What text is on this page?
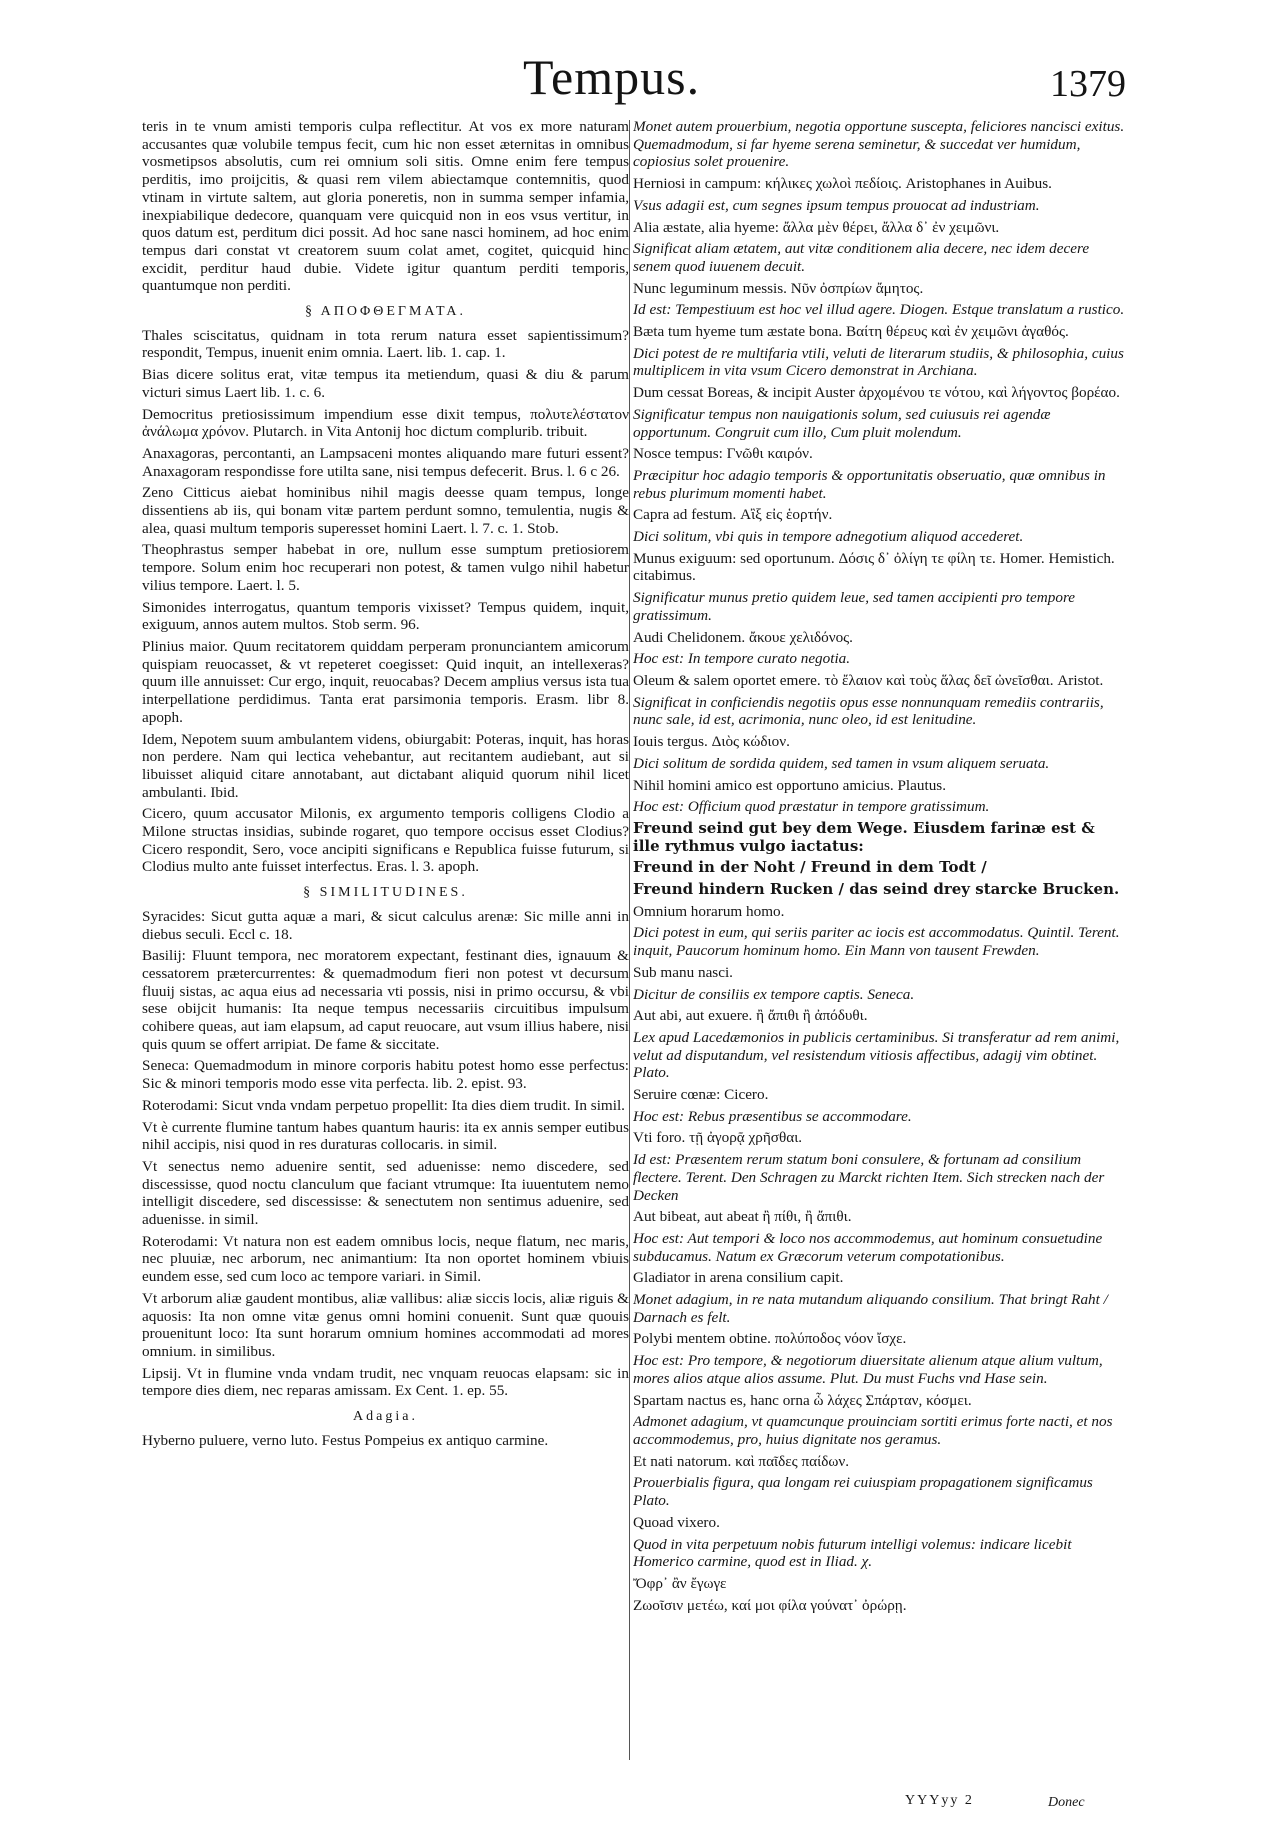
Tempus.	1379

teris in te vnum amisti temporis culpa reflectitur. At vos ex more naturam accusantes quæ volubile tempus fecit, cum hic non esset æternitas in omnibus vosmetipsos absolutis, cum rei omnium soli sitis. Omne enim fere tempus perditis, imo proijcitis, & quasi rem vilem abiectamque contemnitis, quod vtinam in virtute saltem, aut gloria poneretis, non in summa semper infamia, inexpiabilique dedecore, quanquam vere quicquid non in eos vsus vertitur, in quos datum est, perditum dici possit. Ad hoc sane nasci hominem, ad hoc enim tempus dari constat vt creatorem suum colat amet, cogitet, quicquid hinc excidit, perditur haud dubie. Videte igitur quantum perditi temporis, quantumque non perditi.

§ ΑΠΟΦΘΕΓΜΑΤΑ.

Thales sciscitatus, quidnam in tota rerum natura esset sapientissimum? respondit, Tempus, inuenit enim omnia. Laert. lib. 1. cap. 1.

Bias dicere solitus erat, vitæ tempus ita metiendum, quasi & diu & parum victuri simus Laert lib. 1. c. 6.

Democritus pretiosissimum impendium esse dixit tempus, πολυτελέστατον ἀνάλωμα χρόνον. Plutarch. in Vita Antonij hoc dictum complurib. tribuit.

Anaxagoras, percontanti, an Lampsaceni montes aliquando mare futuri essent? Anaxagoram respondisse fore utilta sane, nisi tempus defecerit. Brus. l. 6 c 26.

Zeno Citticus aiebat hominibus nihil magis deesse quam tempus, longe dissentiens ab iis, qui bonam vitæ partem perdunt somno, temulentia, nugis & alea, quasi multum temporis superesset homini Laert. l. 7. c. 1. Stob.

Theophrastus semper habebat in ore, nullum esse sumptum pretiosiorem tempore. Solum enim hoc recuperari non potest, & tamen vulgo nihil habetur vilius tempore. Laert. l. 5.

Simonides interrogatus, quantum temporis vixisset? Tempus quidem, inquit, exiguum, annos autem multos. Stob serm. 96.

Plinius maior. Quum recitatorem quiddam perperam pronunciantem amicorum quispiam reuocasset, & vt repeteret coegisset: Quid inquit, an intellexeras? quum ille annuisset: Cur ergo, inquit, reuocabas? Decem amplius versus ista tua interpellatione perdidimus. Tanta erat parsimonia temporis. Erasm. libr 8. apoph.

Idem, Nepotem suum ambulantem videns, obiurgabit: Poteras, inquit, has horas non perdere. Nam qui lectica vehebantur, aut recitantem audiebant, aut si libuisset aliquid citare annotabant, aut dictabant aliquid quorum nihil licet ambulanti. Ibid.

Cicero, quum accusator Milonis, ex argumento temporis colligens Clodio a Milone structas insidias, subinde rogaret, quo tempore occisus esset Clodius? Cicero respondit, Sero, voce ancipiti significans e Republica fuisse futurum, si Clodius multo ante fuisset interfectus. Eras. l. 3. apoph.

§ SIMILITUDINES.

Syracides: Sicut gutta aquæ a mari, & sicut calculus arenæ: Sic mille anni in diebus seculi. Eccl c. 18.

Basilij: Fluunt tempora, nec moratorem expectant, festinant dies, ignauum & cessatorem prætercurrentes: & quemadmodum fieri non potest vt decursum fluuij sistas, ac aqua eius ad necessaria vti possis, nisi in primo occursu, & vbi sese obijcit humanis: Ita neque tempus necessariis circuitibus impulsum cohibere queas, aut iam elapsum, ad caput reuocare, aut vsum illius habere, nisi quis quum se offert arripiat. De fame & siccitate.

Seneca: Quemadmodum in minore corporis habitu potest homo esse perfectus: Sic & minori temporis modo esse vita perfecta. lib. 2. epist. 93.

Roterodami: Sicut vnda vndam perpetuo propellit: Ita dies diem trudit. In simil.

Vt è currente flumine tantum habes quantum hauris: ita ex annis semper eutibus nihil accipis, nisi quod in res duraturas collocaris. in simil.

Vt senectus nemo aduenire sentit, sed aduenisse: nemo discedere, sed discessisse, quod noctu clanculum que faciant vtrumque: Ita iuuentutem nemo intelligit discedere, sed discessisse: & senectutem non sentimus aduenire, sed aduenisse. in simil.

Roterodami: Vt natura non est eadem omnibus locis, neque flatum, nec maris, nec pluuiæ, nec arborum, nec animantium: Ita non oportet hominem vbiuis eundem esse, sed cum loco ac tempore variari. in Simil.

Vt arborum aliæ gaudent montibus, aliæ vallibus: aliæ siccis locis, aliæ riguis & aquosis: Ita non omne vitæ genus omni homini conuenit. Sunt quæ quouis prouenitunt loco: Ita sunt horarum omnium homines accommodati ad mores omnium. in similibus.

Lipsij. Vt in flumine vnda vndam trudit, nec vnquam reuocas elapsam: sic in tempore dies diem, nec reparas amissam. Ex Cent. 1. ep. 55.

Adagia.

Hyberno puluere, verno luto. Festus Pompeius ex antiquo carmine.

Monet autem prouerbium, negotia opportune suscepta, feliciores nancisci exitus. Quemadmodum, si far hyeme serena seminetur, & succedat ver humidum, copiosius solet prouenire.
Herniosi in campum: κήλικες χωλοὶ πεδίοις. Aristophanes in Auibus.
Vsus adagii est, cum segnes ipsum tempus prouocat ad industriam.
Alia æstate, alia hyeme: ἄλλα μὲν θέρει, ἄλλα δ᾽ ἐν χειμῶνι.
Significat aliam ætatem, aut vitæ conditionem alia decere, nec idem decere senem quod iuuenem decuit.
Nunc leguminum messis. Νῦν ὀσπρίων ἄμητος.
Id est: Tempestiuum est hoc vel illud agere. Diogen. Estque translatum a rustico.
Bæta tum hyeme tum æstate bona. Βαίτη θέρευς καὶ ἐν χειμῶνι ἀγαθός.
Dici potest de re multifaria vtili, veluti de literarum studiis, & philosophia, cuius multiplicem in vita vsum Cicero demonstrat in Archiana.
Dum cessat Boreas, & incipit Auster ἀρχομένου τε νότου, καὶ λήγοντος βορέαο.
Significatur tempus non nauigationis solum, sed cuiusuis rei agendæ opportunum. Congruit cum illo, Cum pluit molendum.
Nosce tempus: Γνῶθι καιρόν.
Præcipitur hoc adagio temporis & opportunitatis obseruatio, quæ omnibus in rebus plurimum momenti habet.
Capra ad festum. Αἲξ εἰς ἑορτήν.
Dici solitum, vbi quis in tempore adnegotium aliquod accederet.
Munus exiguum: sed oportunum. Δόσις δ᾽ ὀλίγη τε φίλη τε. Homer. Hemistich. citabimus.
Significatur munus pretio quidem leue, sed tamen accipienti pro tempore gratissimum.
Audi Chelidonem. ἄκουε χελιδόνος.
Hoc est: In tempore curato negotia.
Oleum & salem oportet emere. τὸ ἔλαιον καὶ τοὺς ἅλας δεῖ ὠνεῖσθαι. Aristot.
Significat in conficiendis negotiis opus esse nonnunquam remediis contrariis, nunc sale, id est, acrimonia, nunc oleo, id est lenitudine.
Iouis tergus. Διὸς κώδιον.
Dici solitum de sordida quidem, sed tamen in vsum aliquem seruata.
Nihil homini amico est opportuno amicius. Plautus.
Hoc est: Officium quod præstatur in tempore gratissimum.
Freund seind gut bey dem Wege. Eiusdem farinæ est & ille rythmus vulgo iactatus:
Freund in der Noht / Freund in dem Todt /
Freund hindern Rucken / das seind drey starcke Brucken.
Omnium horarum homo.
Dici potest in eum, qui seriis pariter ac iocis est accommodatus. Quintil. Terent. inquit, Paucorum hominum homo. Ein Mann von tausent Frewden.
Sub manu nasci.
Dicitur de consiliis ex tempore captis. Seneca.
Aut abi, aut exuere. ἢ ἄπιθι ἢ ἀπόδυθι.
Lex apud Lacedæmonios in publicis certaminibus. Si transferatur ad rem animi, velut ad disputandum, vel resistendum vitiosis affectibus, adagij vim obtinet. Plato.
Seruire cœnæ: Cicero.
Hoc est: Rebus præsentibus se accommodare.
Vti foro. τῇ ἀγορᾷ χρῆσθαι.
Id est: Præsentem rerum statum boni consulere, & fortunam ad consilium flectere. Terent. Den Schragen zu Marckt richten Item. Sich strecken nach der Decken
Aut bibeat, aut abeat ἢ πίθι, ἢ ἄπιθι.
Hoc est: Aut tempori & loco nos accommodemus, aut hominum consuetudine subducamus. Natum ex Græcorum veterum compotationibus.
Gladiator in arena consilium capit.
Monet adagium, in re nata mutandum aliquando consilium. That bringt Raht / Darnach es felt.
Polybi mentem obtine. πολύποδος νόον ἴσχε.
Hoc est: Pro tempore, & negotiorum diuersitate alienum atque alium vultum, mores alios atque alios assume. Plut. Du must Fuchs vnd Hase sein.
Spartam nactus es, hanc orna ὧ λάχες Σπάρταν, κόσμει.
Admonet adagium, vt quamcunque prouinciam sortiti erimus forte nacti, et nos accommodemus, pro, huius dignitate nos geramus.
Et nati natorum. καὶ παῖδες παίδων.
Prouerbialis figura, qua longam rei cuiuspiam propagationem significamus Plato.
Quoad vixero.
Quod in vita perpetuum nobis futurum intelligi volemus: indicare licebit Homerico carmine, quod est in Iliad. χ.
Ὄφρ᾽ ἂν ἔγωγε
Ζωοῖσιν μετέω, καί μοι φίλα γούνατ᾽ ὀρώρῃ.
YYYyy 2	Donec
